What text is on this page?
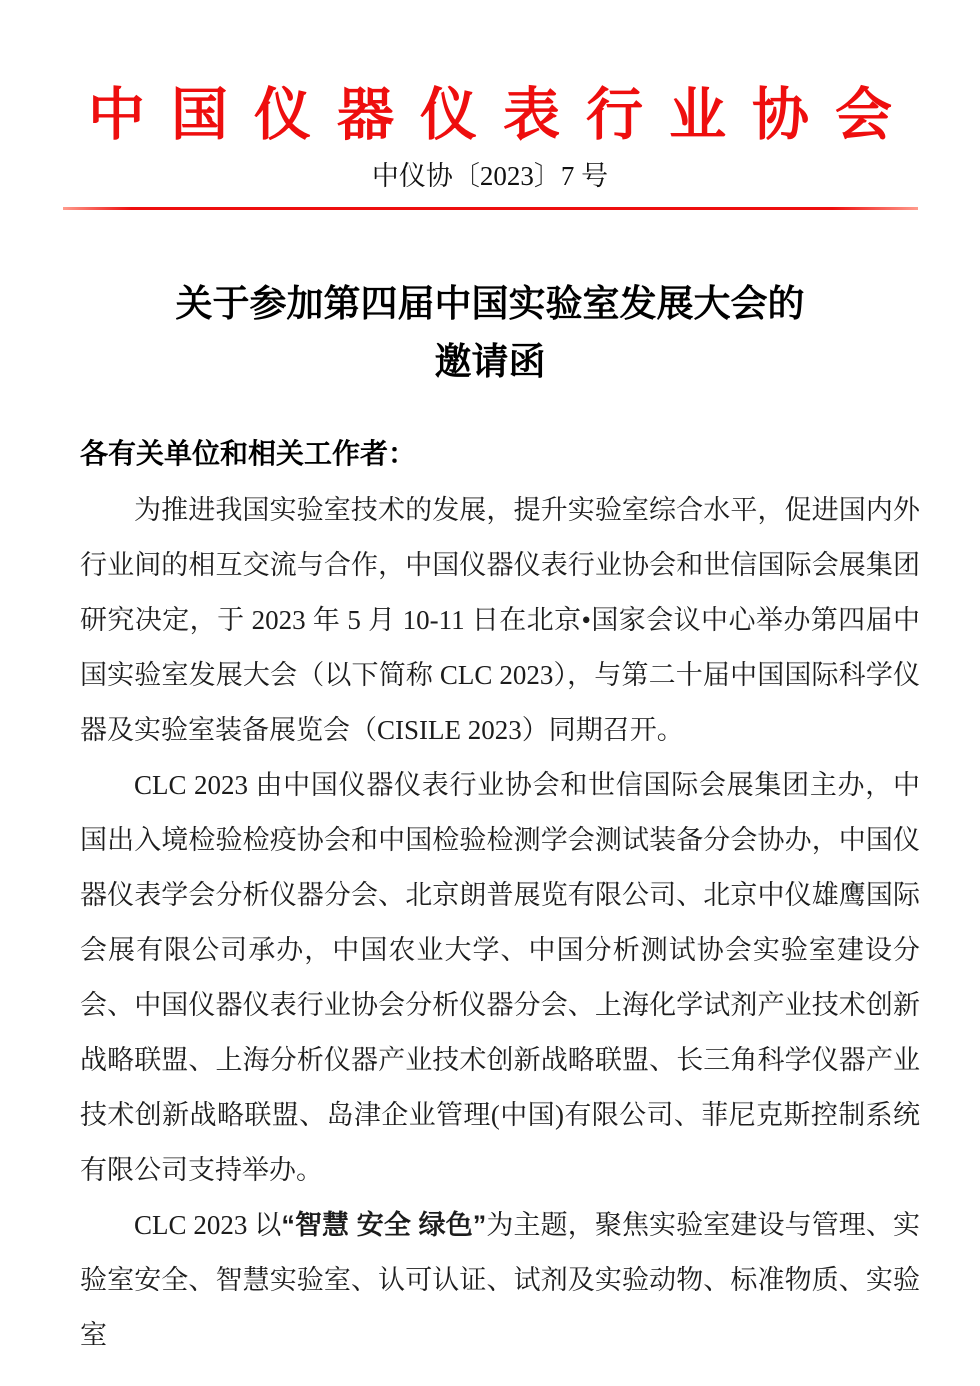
中国仪器仪表行业协会
中仪协〔2023〕7 号
关于参加第四届中国实验室发展大会的
邀请函

各有关单位和相关工作者：

为推进我国实验室技术的发展，提升实验室综合水平，促进国内外行业间的相互交流与合作，中国仪器仪表行业协会和世信国际会展集团研究决定，于 2023 年 5 月 10-11 日在北京•国家会议中心举办第四届中国实验室发展大会（以下简称 CLC 2023），与第二十届中国国际科学仪器及实验室装备展览会（CISILE 2023）同期召开。

CLC 2023 由中国仪器仪表行业协会和世信国际会展集团主办，中国出入境检验检疫协会和中国检验检测学会测试装备分会协办，中国仪器仪表学会分析仪器分会、北京朗普展览有限公司、北京中仪雄鹰国际会展有限公司承办，中国农业大学、中国分析测试协会实验室建设分会、中国仪器仪表行业协会分析仪器分会、上海化学试剂产业技术创新战略联盟、上海分析仪器产业技术创新战略联盟、长三角科学仪器产业技术创新战略联盟、岛津企业管理(中国)有限公司、菲尼克斯控制系统有限公司支持举办。

CLC 2023 以“智慧 安全 绿色”为主题，聚焦实验室建设与管理、实验室安全、智慧实验室、认可认证、试剂及实验动物、标准物质、实验室
